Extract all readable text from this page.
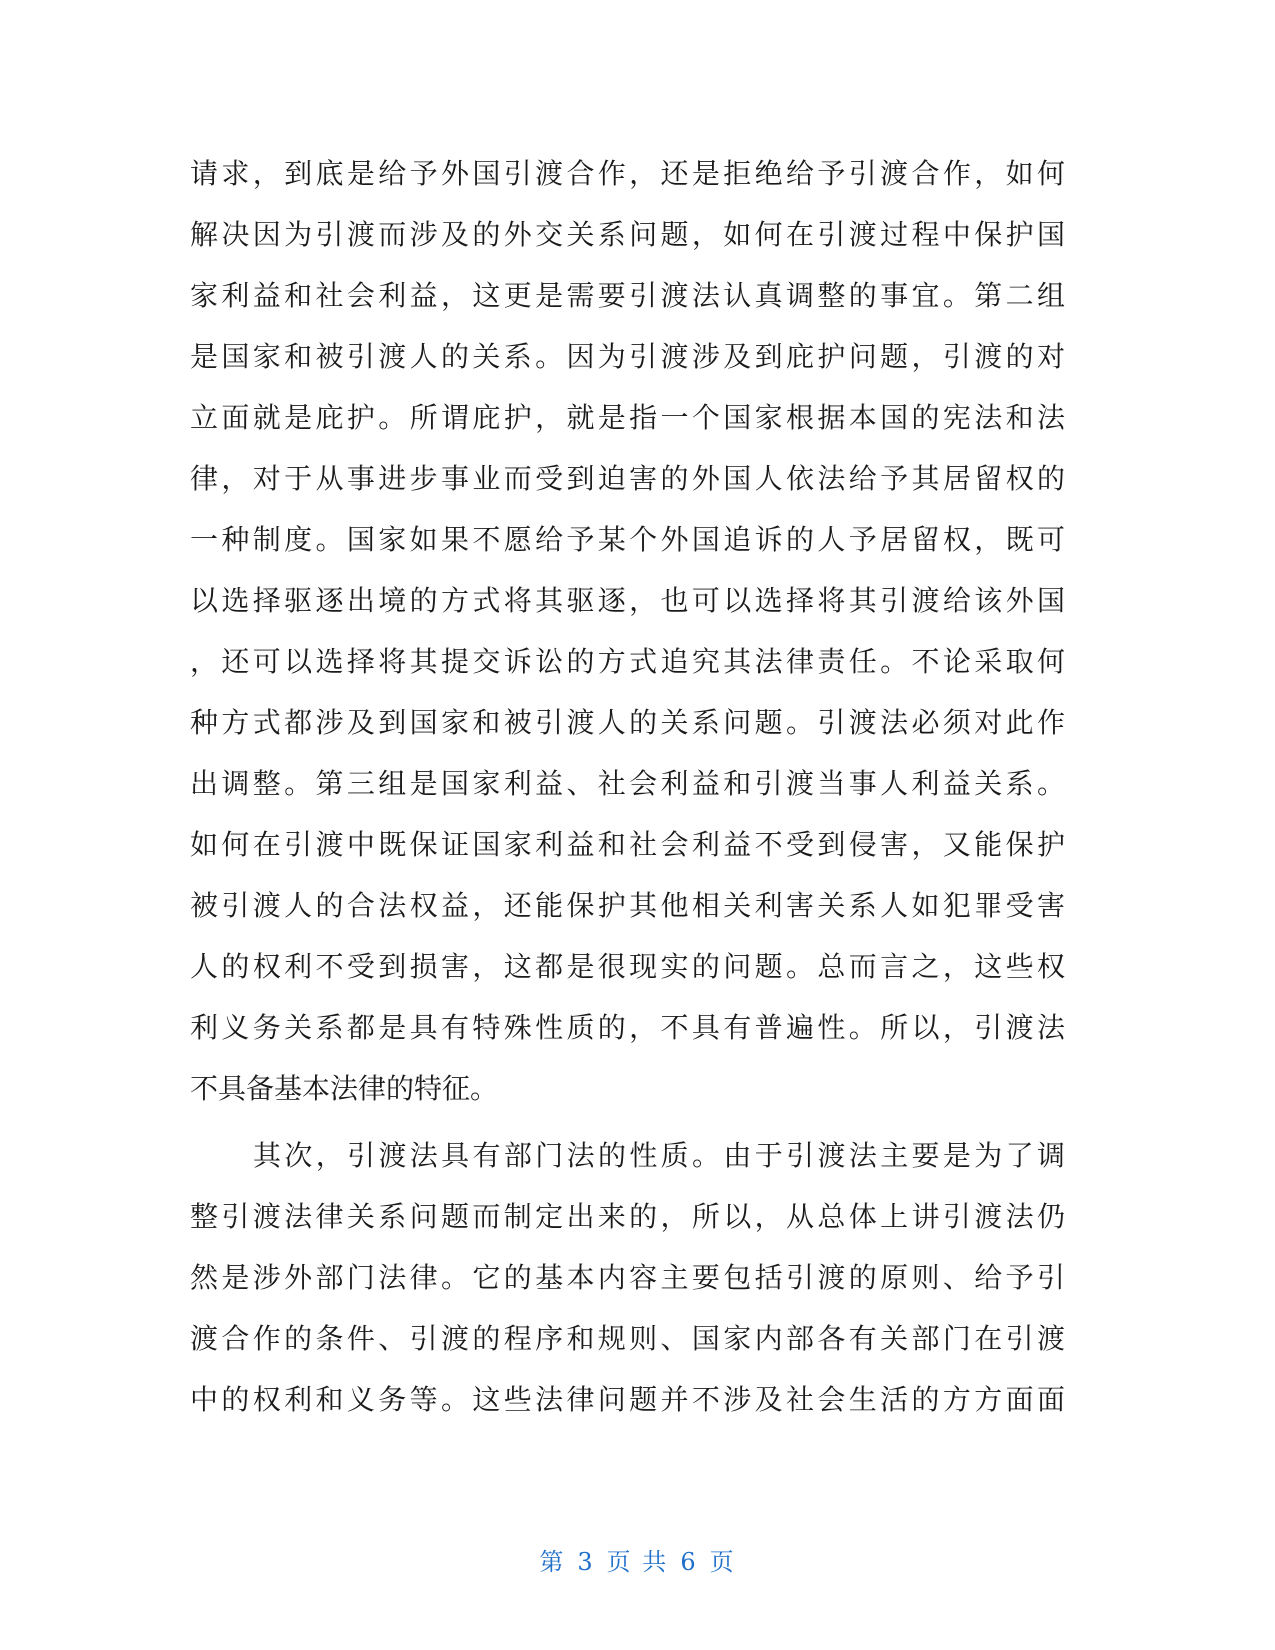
请求，到底是给予外国引渡合作，还是拒绝给予引渡合作，如何
解决因为引渡而涉及的外交关系问题，如何在引渡过程中保护国
家利益和社会利益，这更是需要引渡法认真调整的事宜。第二组
是国家和被引渡人的关系。因为引渡涉及到庇护问题，引渡的对
立面就是庇护。所谓庇护，就是指一个国家根据本国的宪法和法
律，对于从事进步事业而受到迫害的外国人依法给予其居留权的
一种制度。国家如果不愿给予某个外国追诉的人予居留权，既可
以选择驱逐出境的方式将其驱逐，也可以选择将其引渡给该外国
，还可以选择将其提交诉讼的方式追究其法律责任。不论采取何
种方式都涉及到国家和被引渡人的关系问题。引渡法必须对此作
出调整。第三组是国家利益、社会利益和引渡当事人利益关系。
如何在引渡中既保证国家利益和社会利益不受到侵害，又能保护
被引渡人的合法权益，还能保护其他相关利害关系人如犯罪受害
人的权利不受到损害，这都是很现实的问题。总而言之，这些权
利义务关系都是具有特殊性质的，不具有普遍性。所以，引渡法
不具备基本法律的特征。
其次，引渡法具有部门法的性质。由于引渡法主要是为了调
整引渡法律关系问题而制定出来的，所以，从总体上讲引渡法仍
然是涉外部门法律。它的基本内容主要包括引渡的原则、给予引
渡合作的条件、引渡的程序和规则、国家内部各有关部门在引渡
中的权利和义务等。这些法律问题并不涉及社会生活的方方面面
第 3 页 共 6 页
